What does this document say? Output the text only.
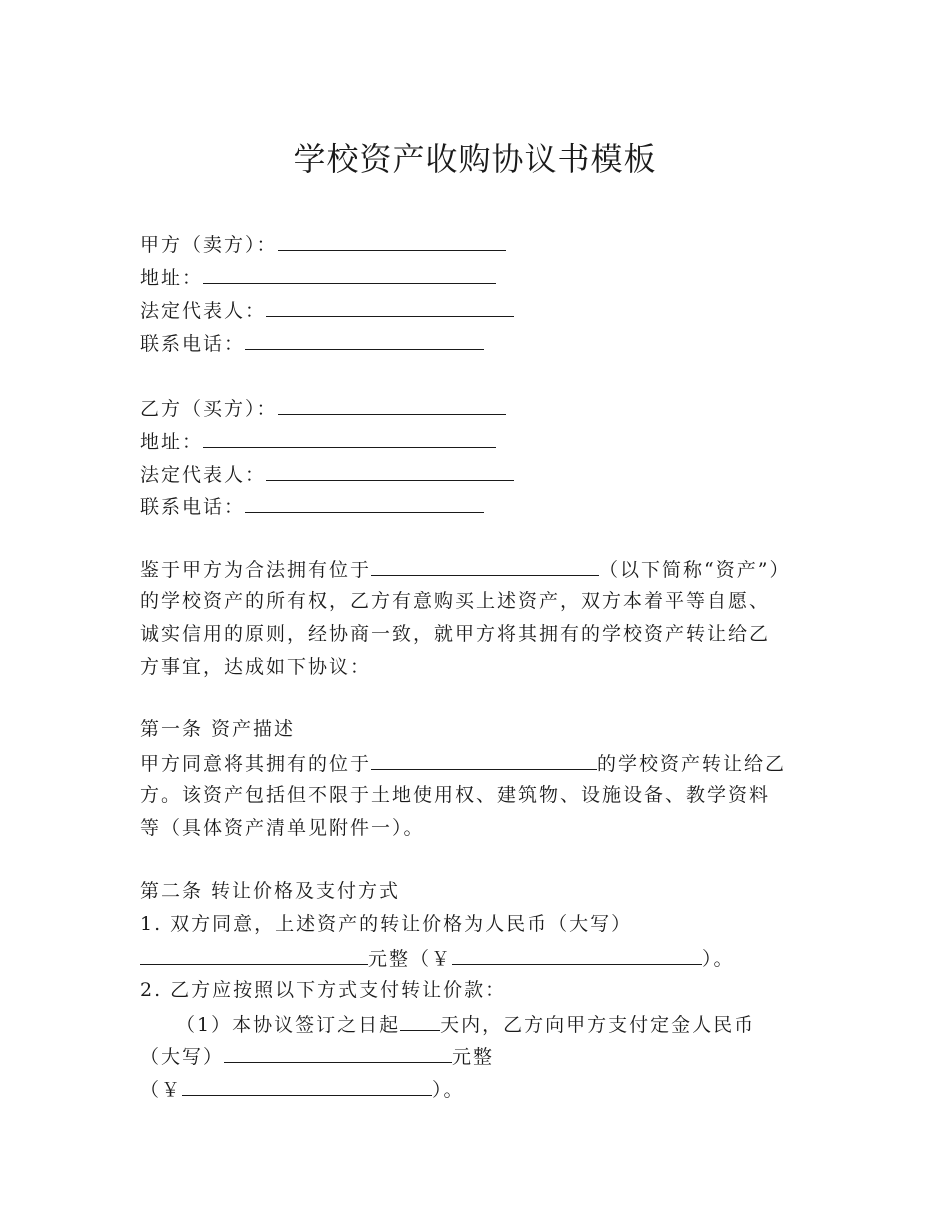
学校资产收购协议书模板
甲方（卖方）：
地址：
法定代表人：
联系电话：
乙方（买方）：
地址：
法定代表人：
联系电话：
鉴于甲方为合法拥有位于	（以下简称“资产”）
的学校资产的所有权，乙方有意购买上述资产，双方本着平等自愿、
诚实信用的原则，经协商一致，就甲方将其拥有的学校资产转让给乙
方事宜，达成如下协议：
第一条 资产描述
甲方同意将其拥有的位于	的学校资产转让给乙
方。该资产包括但不限于土地使用权、建筑物、设施设备、教学资料
等（具体资产清单见附件一）。
第二条 转让价格及支付方式
1. 双方同意，上述资产的转让价格为人民币（大写）
元整（￥	）。
2. 乙方应按照以下方式支付转让价款：
（1）本协议签订之日起 天内，乙方向甲方支付定金人民币
（大写）	元整
（￥	）。
